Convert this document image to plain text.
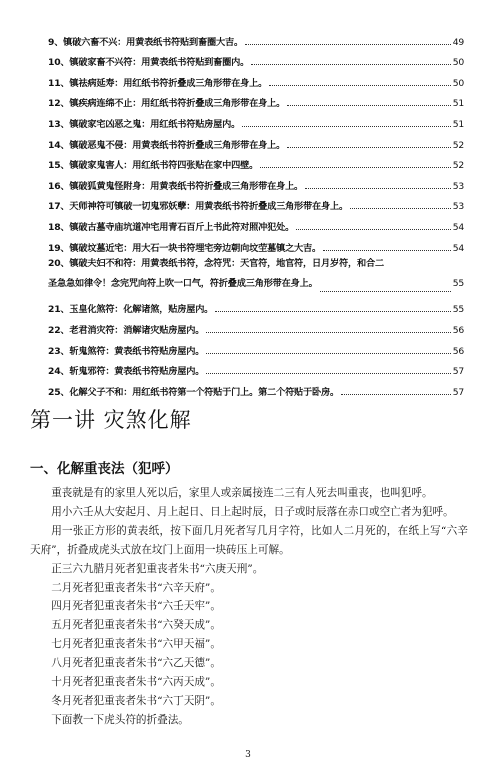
9、镇破六畜不兴：用黄表纸书符贴到畜圈大吉。	49
10、镇破家畜不兴符：用黄表纸书符贴到畜圈内。	50
11、镇祛病延寿：用红纸书符折叠成三角形带在身上。	50
12、镇疾病连绵不止：用红纸书符折叠成三角形带在身上。	51
13、镇破家宅凶恶之鬼：用红纸书符贴房屋内。	51
14、镇破恶鬼不侵：用黄表纸书符折叠成三角形带在身上。	52
15、镇破家鬼害人：用红纸书符四张贴在家中四壁。	52
16、镇破狐黄鬼怪附身：用黄表纸书符折叠成三角形带在身上。	53
17、天师神符可镇破一切鬼邪妖孽：用黄表纸书符折叠成三角形带在身上。	53
18、镇破古墓寺庙坑道冲宅用青石百斤上书此符对照冲犯处。	54
19、镇破坟墓近宅：用大石一块书符埋宅旁边朝向坟茔墓镇之大吉。	54
20、镇破夫妇不和符：用黄表纸书符，念符咒：天官符，地官符，日月岁符，和合二
圣急急如律令！念完咒向符上吹一口气，符折叠成三角形带在身上。	55
21、玉皇化煞符：化解诸煞，贴房屋内。	55
22、老君消灾符：消解诸灾贴房屋内。	56
23、斩鬼煞符：黄表纸书符贴房屋内。	56
24、斩鬼邪符：黄表纸书符贴房屋内。	57
25、化解父子不和：用红纸书符第一个符贴于门上。第二个符贴于卧房。	57
第一讲 灾煞化解
一、化解重丧法（犯呼）

重丧就是有的家里人死以后，家里人或亲属接连二三有人死去叫重丧，也叫犯呼。

用小六壬从大安起月、月上起日、日上起时辰，日子或时辰落在赤口或空亡者为犯呼。

用一张正方形的黄表纸，按下面几月死者写几月字符，比如人二月死的，在纸上写“六辛天府”，折叠成虎头式放在坟门上面用一块砖压上可解。

正三六九腊月死者犯重丧者朱书“六庚天刑”。
二月死者犯重丧者朱书“六辛天府”。
四月死者犯重丧者朱书“六壬天牢”。
五月死者犯重丧者朱书“六癸天成”。
七月死者犯重丧者朱书“六甲天福”。
八月死者犯重丧者朱书“六乙天德”。
十月死者犯重丧者朱书“六丙天成”。
冬月死者犯重丧者朱书“六丁天阴”。
下面教一下虎头符的折叠法。
3
